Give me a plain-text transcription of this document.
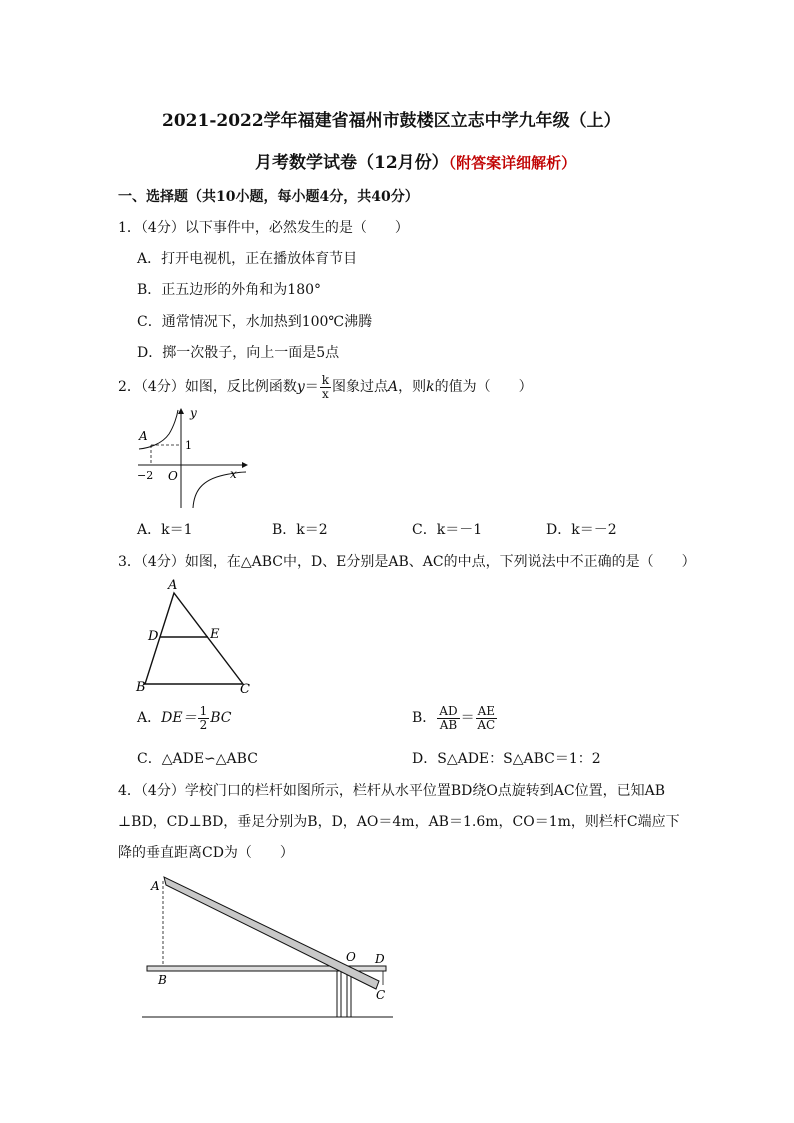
2021-2022学年福建省福州市鼓楼区立志中学九年级（上）
月考数学试卷（12月份）（附答案详细解析）
一、选择题（共10小题，每小题4分，共40分）
1．（4分）以下事件中，必然发生的是（　　）
A．打开电视机，正在播放体育节目
B．正五边形的外角和为180°
C．通常情况下，水加热到100℃沸腾
D．掷一次骰子，向上一面是5点
2．（4分）如图，反比例函数$y= \frac{k}{x}$ 图象过点A，则k的值为（　　）
y
x
A
1
−2 O
A．k＝1	B．k＝2	C．k＝－1	D．k＝－2
3．（4分）如图，在△ABC中，D、E分别是AB、AC的中点，下列说法中不正确的是（　　）
A
D	E
B	C
A．$DE= \frac{1}{2}$ BC	B． $\frac{AD}{AB} = \frac{AE}{AC}$
C．△ADE∽△ABC	D．S△ADE：S△ABC＝1：2
4．（4分）学校门口的栏杆如图所示，栏杆从水平位置BD绕O点旋转到AC位置，已知AB
⊥BD，CD⊥BD，垂足分别为B，D，AO＝4m，AB＝1.6m，CO＝1m，则栏杆C端应下
降的垂直距离CD为（　　）
A
B
O D
C
